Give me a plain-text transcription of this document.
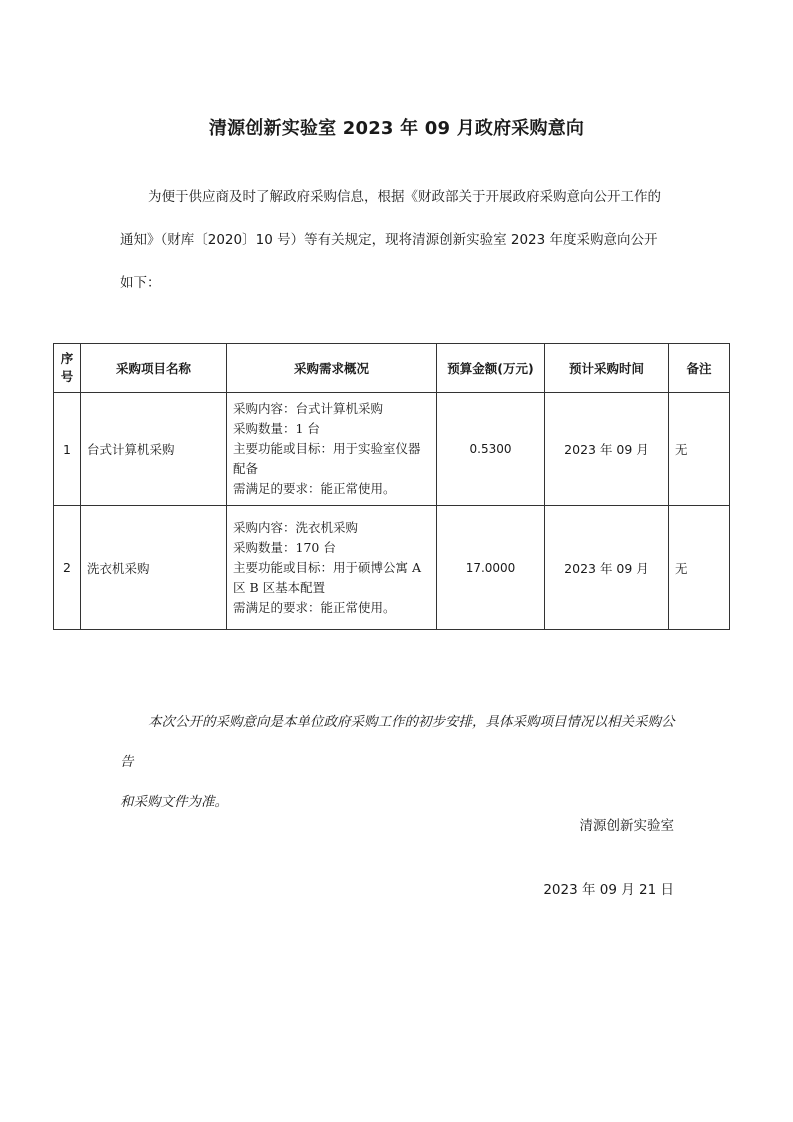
清源创新实验室 2023 年 09 月政府采购意向
为便于供应商及时了解政府采购信息，根据《财政部关于开展政府采购意向公开工作的
通知》（财库〔2020〕10 号）等有关规定，现将清源创新实验室 2023 年度采购意向公开
如下：
序号	采购项目名称	采购需求概况	预算金额(万元)	预计采购时间	备注
1	台式计算机采购	采购内容：台式计算机采购
采购数量：1 台
主要功能或目标：用于实验室仪器配备
需满足的要求：能正常使用。	0.5300	2023 年 09 月	无
2	洗衣机采购	采购内容：洗衣机采购
采购数量：170 台
主要功能或目标：用于硕博公寓 A 区 B 区基本配置
需满足的要求：能正常使用。	17.0000	2023 年 09 月	无
本次公开的采购意向是本单位政府采购工作的初步安排，具体采购项目情况以相关采购公告
和采购文件为准。
清源创新实验室
2023 年 09 月 21 日
